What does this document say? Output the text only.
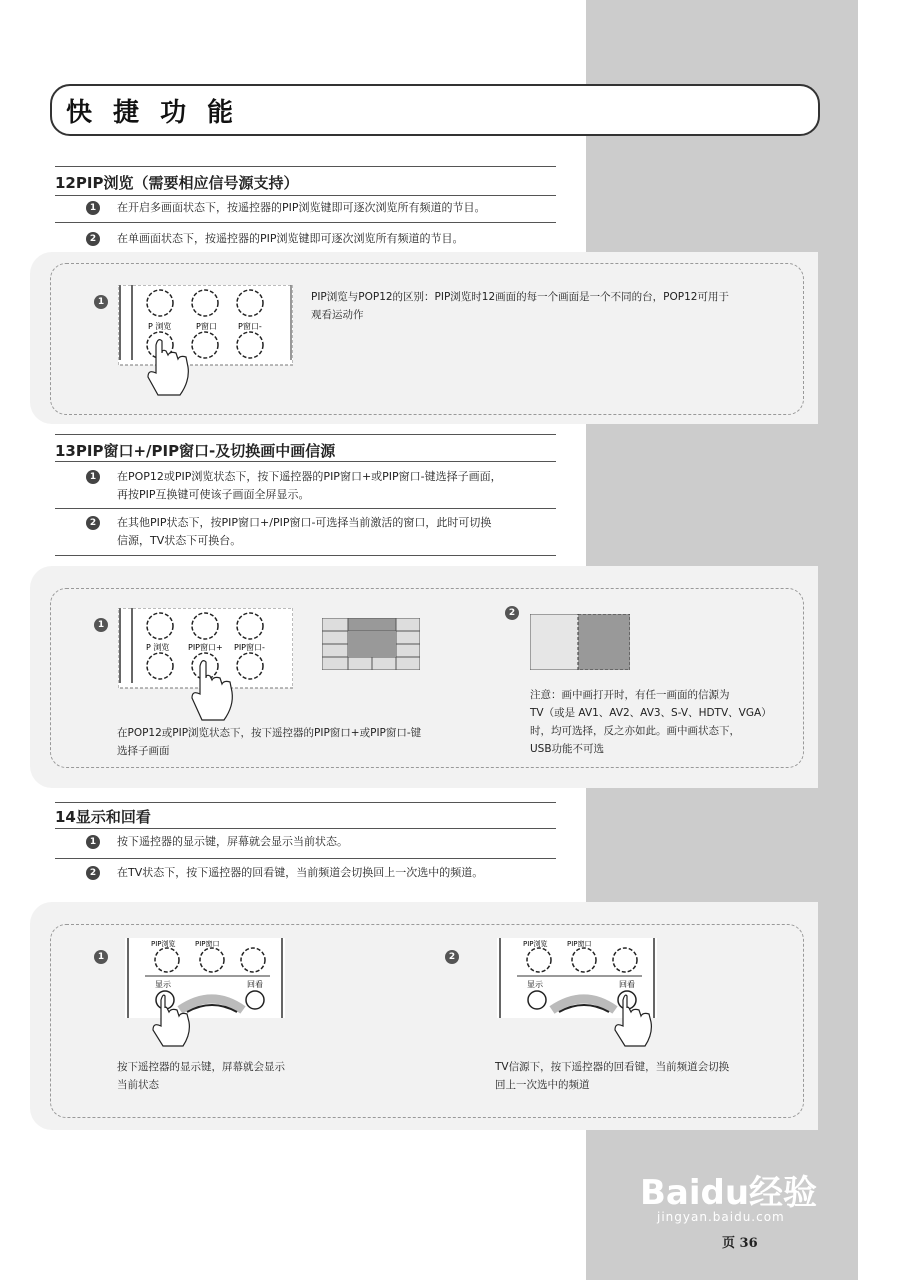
快 捷 功 能
12PIP浏览（需要相应信号源支持）
1	在开启多画面状态下，按遥控器的PIP浏览键即可逐次浏览所有频道的节目。
2	在单画面状态下，按遥控器的PIP浏览键即可逐次浏览所有频道的节目。
1
P 浏览	P窗口	P窗口-
PIP浏览与POP12的区别：PIP浏览时12画面的每一个画面是一个不同的台，POP12可用于
观看运动作
13PIP窗口+/PIP窗口-及切换画中画信源
1	在POP12或PIP浏览状态下，按下遥控器的PIP窗口+或PIP窗口-键选择子画面，
再按PIP互换键可使该子画面全屏显示。
2	在其他PIP状态下，按PIP窗口+/PIP窗口-可选择当前激活的窗口，此时可切换
信源，TV状态下可换台。
1
P 浏览 PIP窗口+ PIP窗口-
2
在POP12或PIP浏览状态下，按下遥控器的PIP窗口+或PIP窗口-键
选择子画面
注意：画中画打开时，有任一画面的信源为
TV（或是 AV1、AV2、AV3、S-V、HDTV、VGA）
时，均可选择，反之亦如此。画中画状态下，
USB功能不可选
14显示和回看
1	按下遥控器的显示键，屏幕就会显示当前状态。
2	在TV状态下，按下遥控器的回看键，当前频道会切换回上一次选中的频道。
1
PIP浏览	PIP窗口
显示	回看
2
PIP浏览	PIP窗口
显示	回看
按下遥控器的显示键，屏幕就会显示
当前状态
TV信源下，按下遥控器的回看键，当前频道会切换
回上一次选中的频道
Baidu经验
jingyan.baidu.com
页 36
